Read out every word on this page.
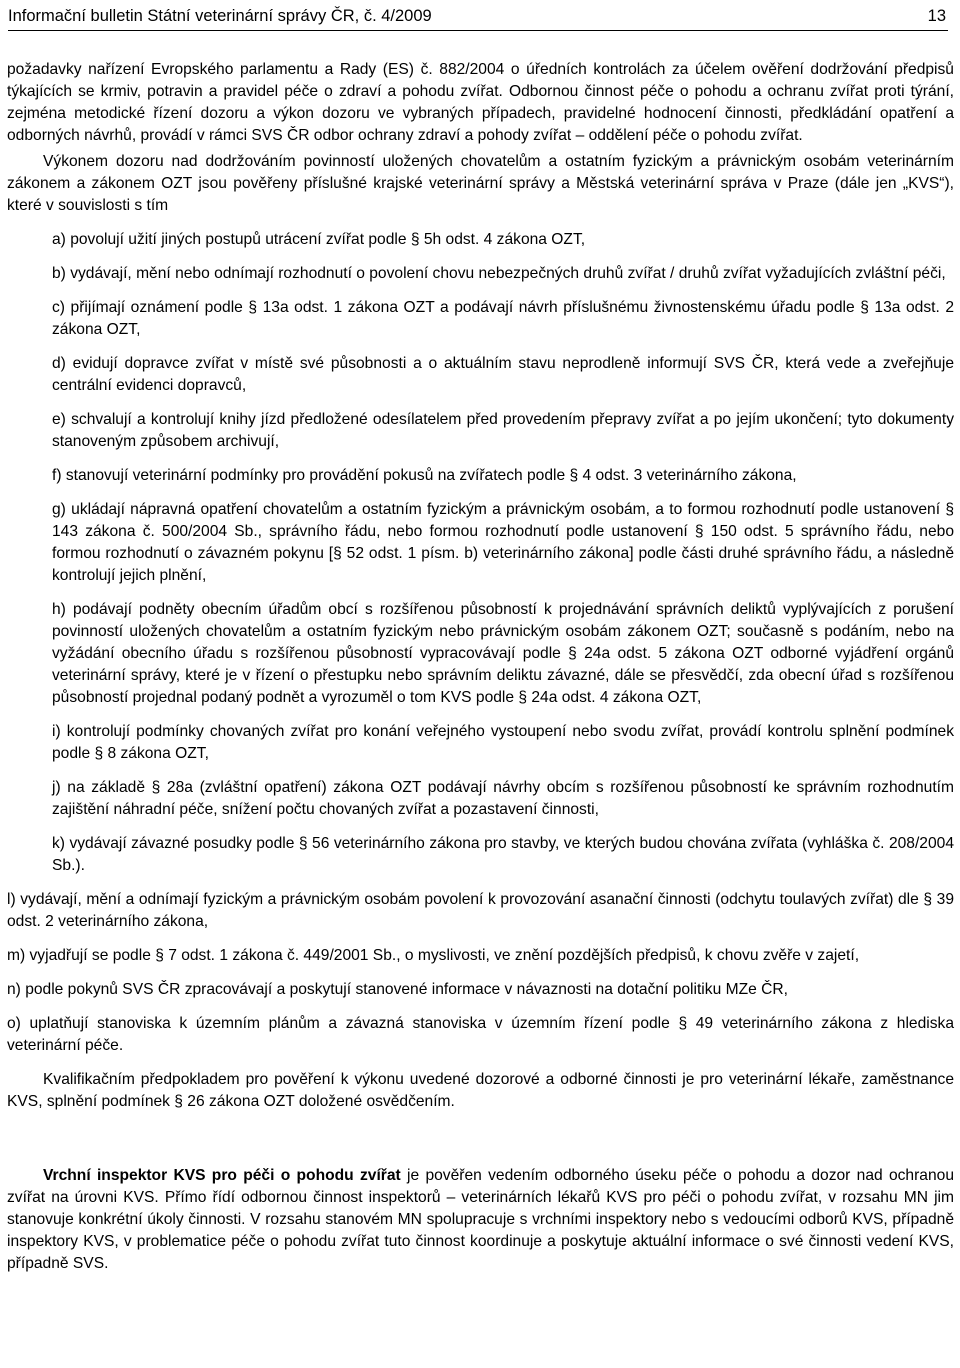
Informační bulletin Státní veterinární správy ČR, č. 4/2009	13

požadavky nařízení Evropského parlamentu a Rady (ES) č. 882/2004 o úředních kontrolách za účelem ověření dodržování předpisů týkajících se krmiv, potravin a pravidel péče o zdraví a pohodu zvířat. Odbornou činnost péče o pohodu a ochranu zvířat proti týrání, zejména metodické řízení dozoru a výkon dozoru ve vybraných případech, pravidelné hodnocení činnosti, předkládání opatření a odborných návrhů, provádí v rámci SVS ČR odbor ochrany zdraví a pohody zvířat – oddělení péče o pohodu zvířat.

Výkonem dozoru nad dodržováním povinností uložených chovatelům a ostatním fyzickým a právnickým osobám veterinárním zákonem a zákonem OZT jsou pověřeny příslušné krajské veterinární správy a Městská veterinární správa v Praze (dále jen „KVS“), které v souvislosti s tím

a) povolují užití jiných postupů utrácení zvířat podle § 5h odst. 4 zákona OZT,

b) vydávají, mění nebo odnímají rozhodnutí o povolení chovu nebezpečných druhů zvířat / druhů zvířat vyžadujících zvláštní péči,

c) přijímají oznámení podle § 13a odst. 1 zákona OZT a podávají návrh příslušnému živnostenskému úřadu podle § 13a odst. 2 zákona OZT,

d) evidují dopravce zvířat v místě své působnosti a o aktuálním stavu neprodleně informují SVS ČR, která vede a zveřejňuje centrální evidenci dopravců,

e) schvalují a kontrolují knihy jízd předložené odesílatelem před provedením přepravy zvířat a po jejím ukončení; tyto dokumenty stanoveným způsobem archivují,

f) stanovují veterinární podmínky pro provádění pokusů na zvířatech podle § 4 odst. 3 veterinárního zákona,

g) ukládají nápravná opatření chovatelům a ostatním fyzickým a právnickým osobám, a to formou rozhodnutí podle ustanovení § 143 zákona č. 500/2004 Sb., správního řádu, nebo formou rozhodnutí podle ustanovení § 150 odst. 5 správního řádu, nebo formou rozhodnutí o závazném pokynu [§ 52 odst. 1 písm. b) veterinárního zákona] podle části druhé správního řádu, a následně kontrolují jejich plnění,

h) podávají podněty obecním úřadům obcí s rozšířenou působností k projednávání správních deliktů vyplývajících z porušení povinností uložených chovatelům a ostatním fyzickým nebo právnickým osobám zákonem OZT; současně s podáním, nebo na vyžádání obecního úřadu s rozšířenou působností vypracovávají podle § 24a odst. 5 zákona OZT odborné vyjádření orgánů veterinární správy, které je v řízení o přestupku nebo správním deliktu závazné, dále se přesvědčí, zda obecní úřad s rozšířenou působností projednal podaný podnět a vyrozuměl o tom KVS podle § 24a odst. 4 zákona OZT,

i) kontrolují podmínky chovaných zvířat pro konání veřejného vystoupení nebo svodu zvířat, provádí kontrolu splnění podmínek podle § 8 zákona OZT,

j) na základě § 28a (zvláštní opatření) zákona OZT podávají návrhy obcím s rozšířenou působností ke správním rozhodnutím zajištění náhradní péče, snížení počtu chovaných zvířat a pozastavení činnosti,

k) vydávají závazné posudky podle § 56 veterinárního zákona pro stavby, ve kterých budou chována zvířata (vyhláška č. 208/2004 Sb.).

l) vydávají, mění a odnímají fyzickým a právnickým osobám povolení k provozování asanační činnosti (odchytu toulavých zvířat) dle § 39 odst. 2 veterinárního zákona,

m) vyjadřují se podle § 7 odst. 1 zákona č. 449/2001 Sb., o myslivosti, ve znění pozdějších předpisů, k chovu zvěře v zajetí,

n) podle pokynů SVS ČR zpracovávají a poskytují stanovené informace v návaznosti na dotační politiku MZe ČR,

o) uplatňují stanoviska k územním plánům a závazná stanoviska v územním řízení podle § 49 veterinárního zákona z hlediska veterinární péče.

Kvalifikačním předpokladem pro pověření k výkonu uvedené dozorové a odborné činnosti je pro veterinární lékaře, zaměstnance KVS, splnění podmínek § 26 zákona OZT doložené osvědčením.

Vrchní inspektor KVS pro péči o pohodu zvířat je pověřen vedením odborného úseku péče o pohodu a dozor nad ochranou zvířat na úrovni KVS. Přímo řídí odbornou činnost inspektorů – veterinárních lékařů KVS pro péči o pohodu zvířat, v rozsahu MN jim stanovuje konkrétní úkoly činnosti. V rozsahu stanovém MN spolupracuje s vrchními inspektory nebo s vedoucími odborů KVS, případně inspektory KVS, v problematice péče o pohodu zvířat tuto činnost koordinuje a poskytuje aktuální informace o své činnosti vedení KVS, případně SVS.
